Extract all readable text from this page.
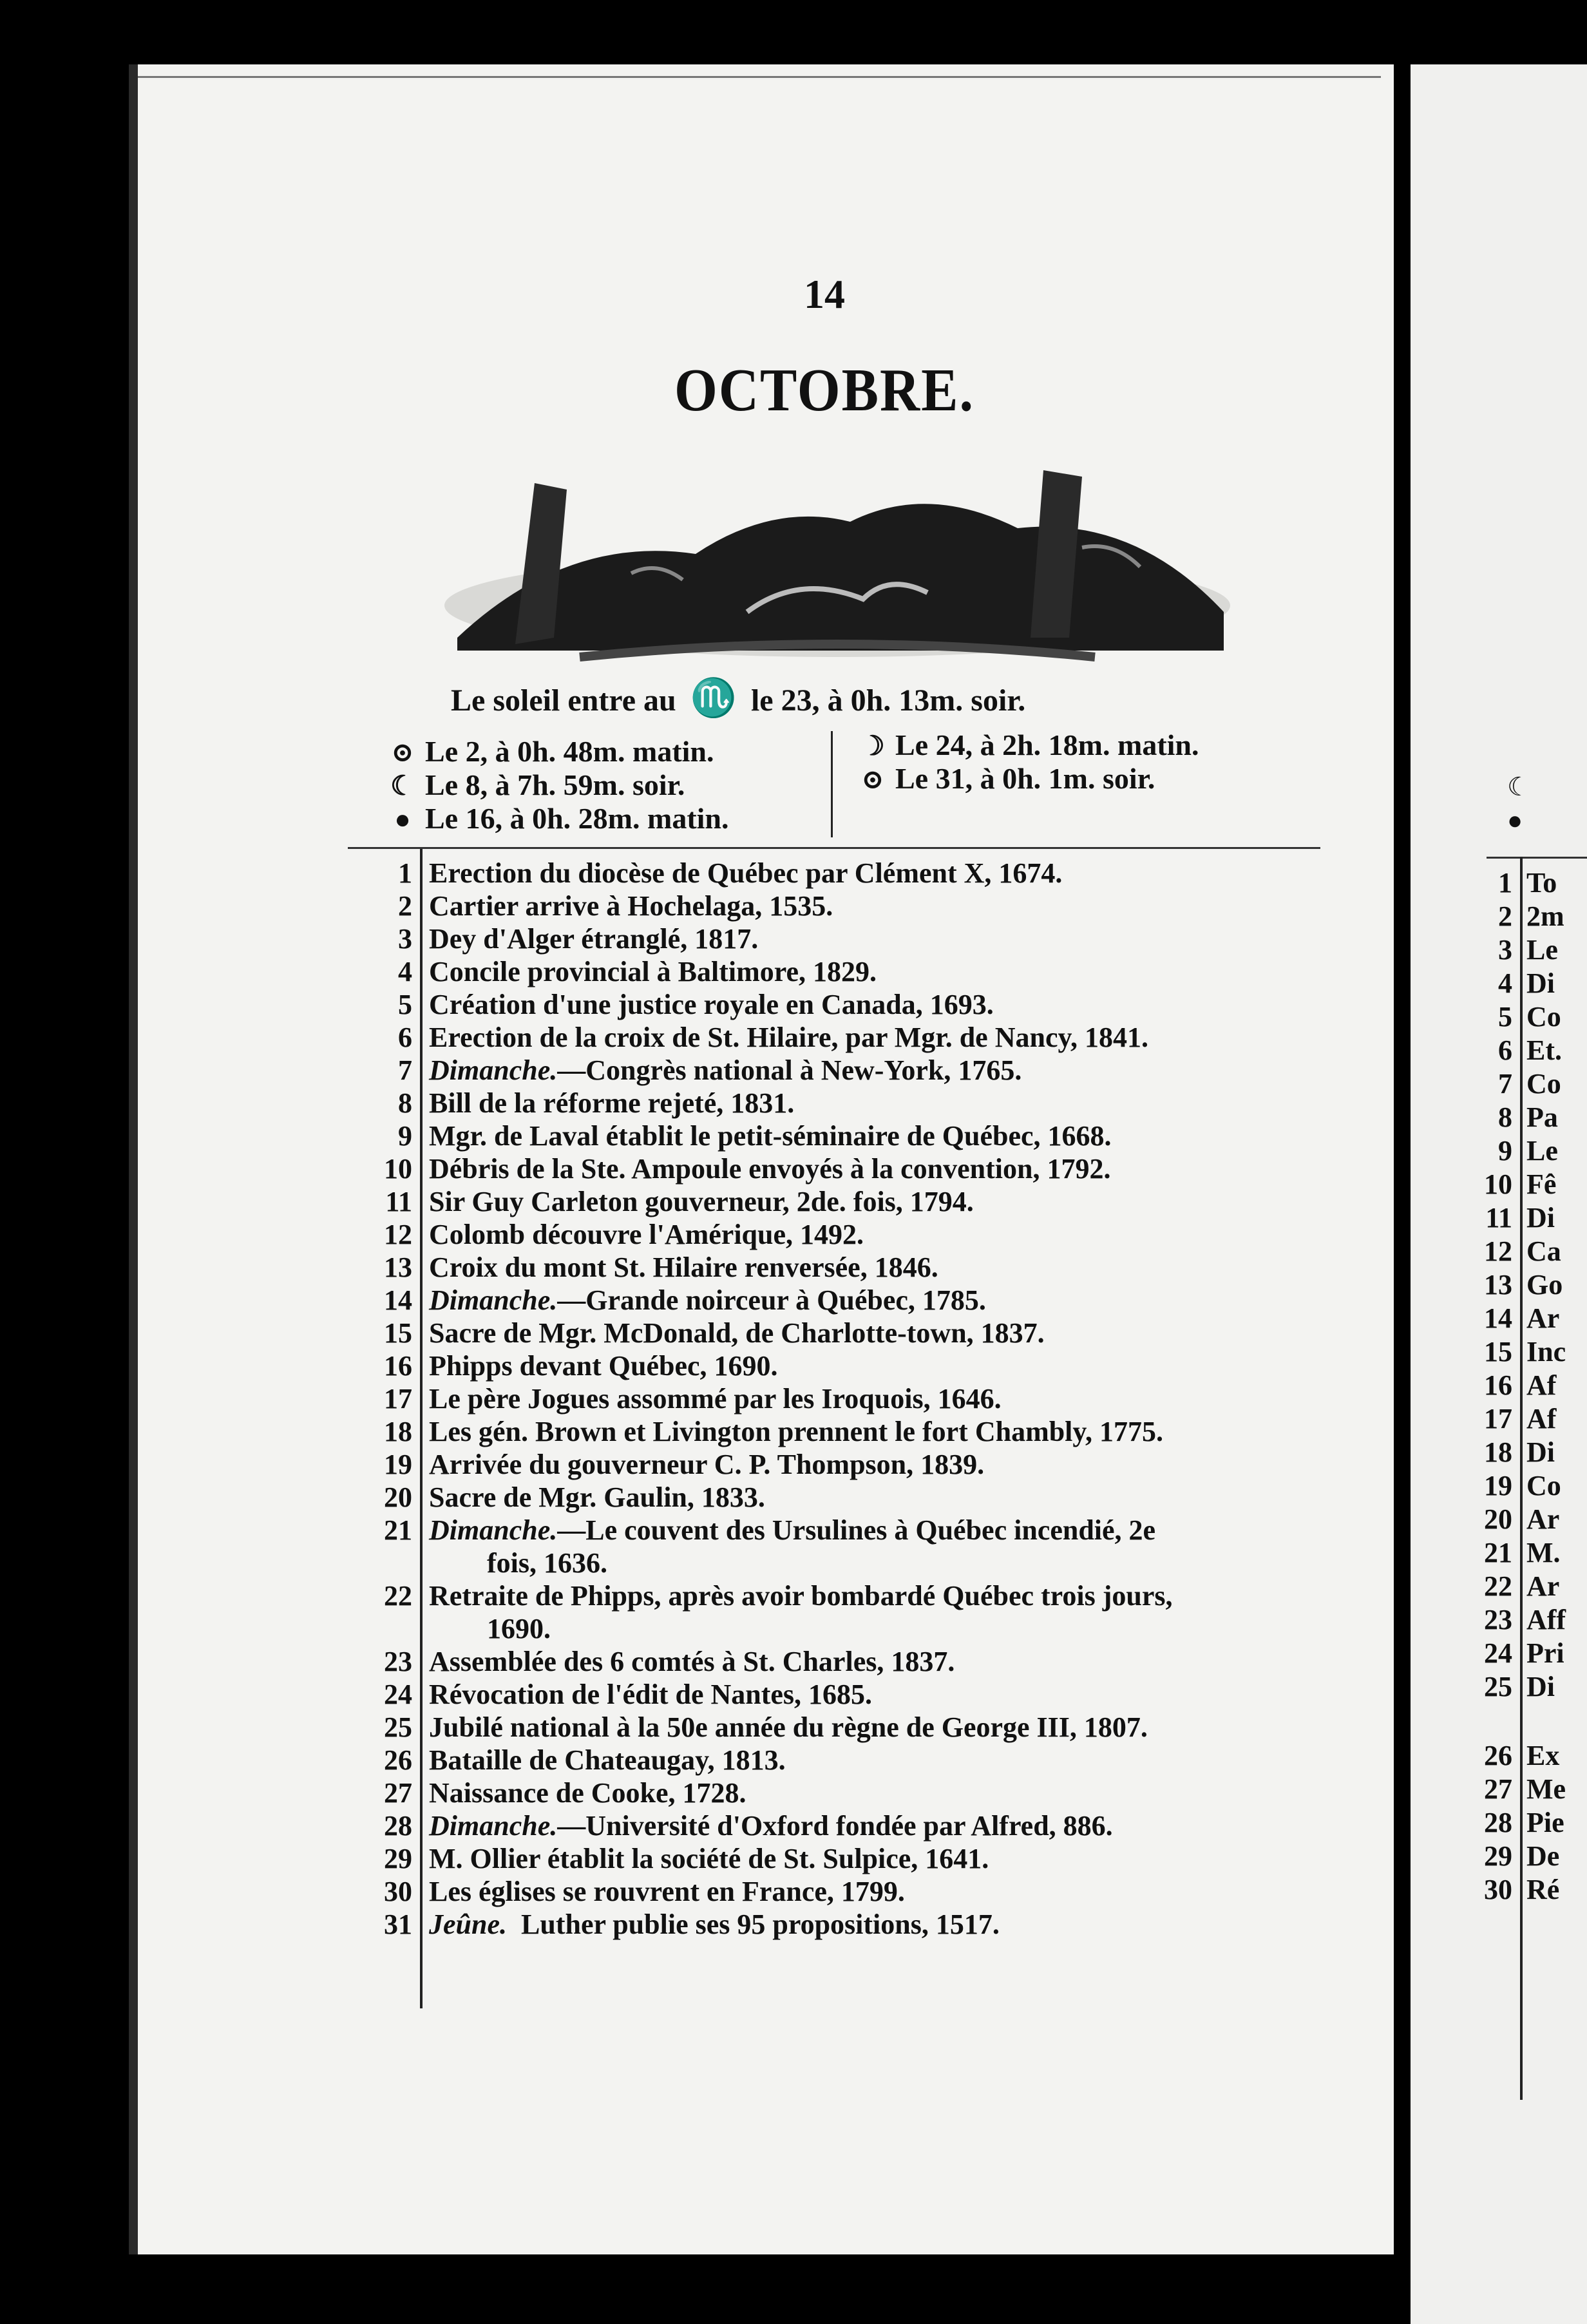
14
OCTOBRE.
Le soleil entre au ♏ le 23, à 0h. 13m. soir.
⊙ Le 2, à 0h. 48m. matin.
☾ Le 8, à 7h. 59m. soir.
● Le 16, à 0h. 28m. matin.
☽ Le 24, à 2h. 18m. matin.
⊙ Le 31, à 0h. 1m. soir.
1 Erection du diocèse de Québec par Clément X, 1674.
2 Cartier arrive à Hochelaga, 1535.
3 Dey d'Alger étranglé, 1817.
4 Concile provincial à Baltimore, 1829.
5 Création d'une justice royale en Canada, 1693.
6 Erection de la croix de St. Hilaire, par Mgr. de Nancy, 1841.
7 Dimanche.—Congrès national à New-York, 1765.
8 Bill de la réforme rejeté, 1831.
9 Mgr. de Laval établit le petit-séminaire de Québec, 1668.
10 Débris de la Ste. Ampoule envoyés à la convention, 1792.
11 Sir Guy Carleton gouverneur, 2de. fois, 1794.
12 Colomb découvre l'Amérique, 1492.
13 Croix du mont St. Hilaire renversée, 1846.
14 Dimanche.—Grande noirceur à Québec, 1785.
15 Sacre de Mgr. McDonald, de Charlotte-town, 1837.
16 Phipps devant Québec, 1690.
17 Le père Jogues assommé par les Iroquois, 1646.
18 Les gén. Brown et Livington prennent le fort Chambly, 1775.
19 Arrivée du gouverneur C. P. Thompson, 1839.
20 Sacre de Mgr. Gaulin, 1833.
21 Dimanche.—Le couvent des Ursulines à Québec incendié, 2e
fois, 1636.
22 Retraite de Phipps, après avoir bombardé Québec trois jours,
1690.
23 Assemblée des 6 comtés à St. Charles, 1837.
24 Révocation de l'édit de Nantes, 1685.
25 Jubilé national à la 50e année du règne de George III, 1807.
26 Bataille de Chateaugay, 1813.
27 Naissance de Cooke, 1728.
28 Dimanche.—Université d'Oxford fondée par Alfred, 886.
29 M. Ollier établit la société de St. Sulpice, 1641.
30 Les églises se rouvrent en France, 1799.
31 Jeûne.  Luther publie ses 95 propositions, 1517.
☾
●
1 To
2 2m
3 Le
4 Di
5 Co
6 Et.
7 Co
8 Pa
9 Le
10 Fê
11 Di
12 Ca
13 Go
14 Ar
15 Inc
16 Af
17 Af
18 Di
19 Co
20 Ar
21 M.
22 Ar
23 Aff
24 Pri
25 Di
26 Ex
27 Me
28 Pie
29 De
30 Ré
